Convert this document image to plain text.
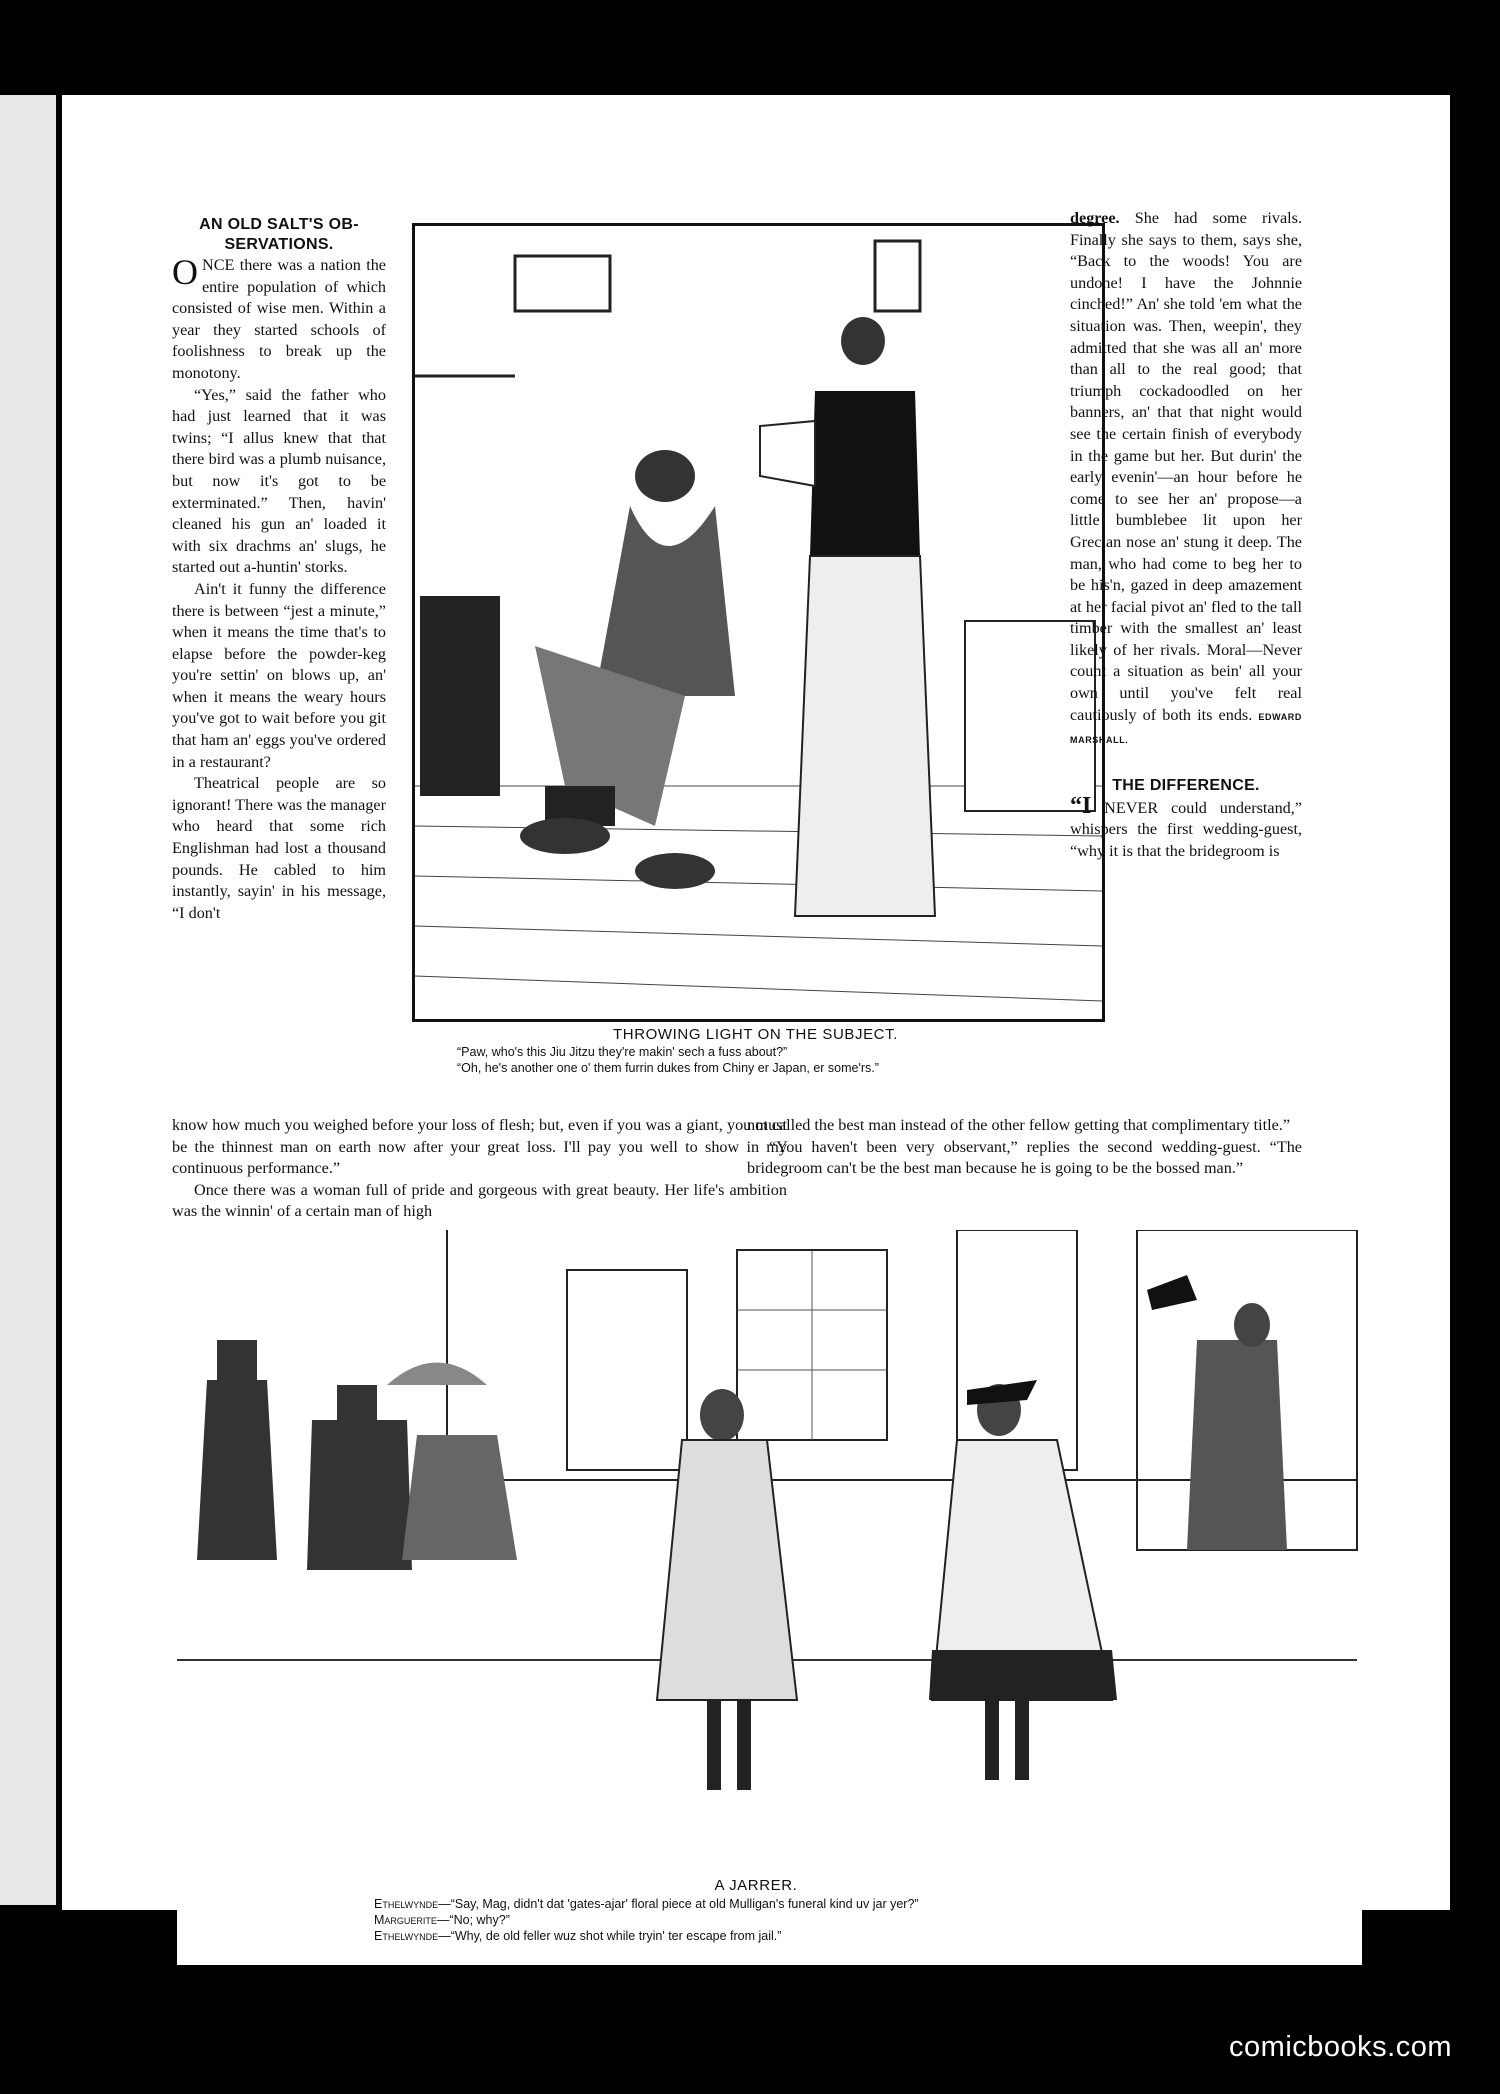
AN OLD SALT'S OB-
SERVATIONS.

ONCE there was a nation the entire population of which consisted of wise men. Within a year they started schools of foolishness to break up the monotony.

“Yes,” said the father who had just learned that it was twins; “I allus knew that that there bird was a plumb nuisance, but now it's got to be exterminated.” Then, havin' cleaned his gun an' loaded it with six drachms an' slugs, he started out a-huntin' storks.

Ain't it funny the difference there is between “jest a minute,” when it means the time that's to elapse before the powder-keg you're settin' on blows up, an' when it means the weary hours you've got to wait before you git that ham an' eggs you've ordered in a restaurant?

Theatrical people are so ignorant! There was the manager who heard that some rich Englishman had lost a thousand pounds. He cabled to him instantly, sayin' in his message, “I don't

THROWING LIGHT ON THE SUBJECT.
“Paw, who's this Jiu Jitzu they're makin' sech a fuss about?”
“Oh, he's another one o' them furrin dukes from Chiny er Japan, er some'rs.”

degree. She had some rivals. Finally she says to them, says she, “Back to the woods! You are undone! I have the Johnnie cinched!” An' she told 'em what the situation was. Then, weepin', they admitted that she was all an' more than all to the real good; that triumph cockadoodled on her banners, an' that that night would see the certain finish of everybody in the game but her. But durin' the early evenin'—an hour before he come to see her an' propose—a little bumblebee lit upon her Grecian nose an' stung it deep. The man, who had come to beg her to be his'n, gazed in deep amazement at her facial pivot an' fled to the tall timber with the smallest an' least likely of her rivals. Moral—Never count a situation as bein' all your own until you've felt real cautiously of both its ends. EDWARD MARSHALL.

THE DIFFERENCE.

“I NEVER could understand,” whispers the first wedding-guest, “why it is that the bridegroom is

know how much you weighed before your loss of flesh; but, even if you was a giant, you must be the thinnest man on earth now after your great loss. I'll pay you well to show in my continuous performance.”

Once there was a woman full of pride and gorgeous with great beauty. Her life's ambition was the winnin' of a certain man of high

not called the best man instead of the other fellow getting that complimentary title.”

“You haven't been very observant,” replies the second wedding-guest. “The bridegroom can't be the best man because he is going to be the bossed man.”

A JARRER.
Ethelwynde—“Say, Mag, didn't dat 'gates-ajar' floral piece at old Mulligan's funeral kind uv jar yer?”
Marguerite—“No; why?”
Ethelwynde—“Why, de old feller wuz shot while tryin' ter escape from jail.”
comicbooks.com
